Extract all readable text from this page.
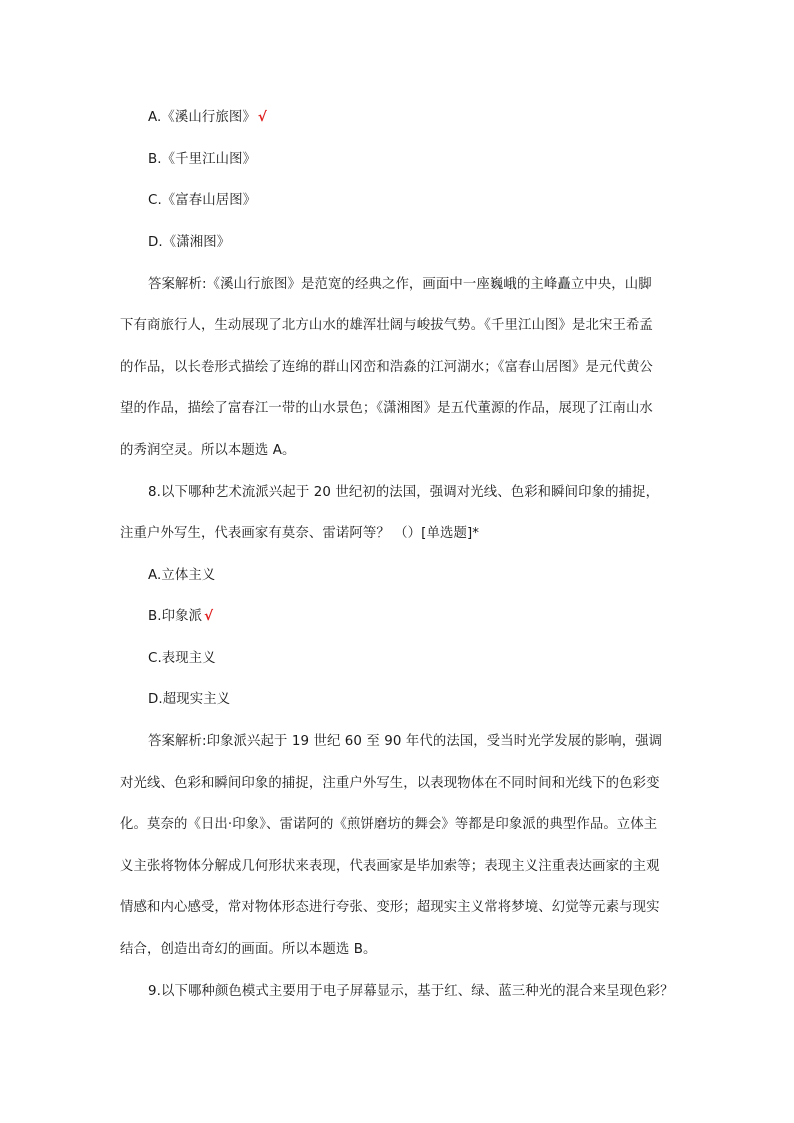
A.《溪山行旅图》 √
B.《千里江山图》
C.《富春山居图》
D.《潇湘图》
答案解析:《溪山行旅图》是范宽的经典之作，画面中一座巍峨的主峰矗立中央，山脚
下有商旅行人，生动展现了北方山水的雄浑壮阔与峻拔气势。《千里江山图》是北宋王希孟
的作品，以长卷形式描绘了连绵的群山冈峦和浩淼的江河湖水；《富春山居图》是元代黄公
望的作品，描绘了富春江一带的山水景色；《潇湘图》是五代董源的作品，展现了江南山水
的秀润空灵。所以本题选 A。
8.以下哪种艺术流派兴起于 20 世纪初的法国，强调对光线、色彩和瞬间印象的捕捉，
注重户外写生，代表画家有莫奈、雷诺阿等？ （）[单选题]*
A.立体主义
B.印象派 √
C.表现主义
D.超现实主义
答案解析:印象派兴起于 19 世纪 60 至 90 年代的法国，受当时光学发展的影响，强调
对光线、色彩和瞬间印象的捕捉，注重户外写生，以表现物体在不同时间和光线下的色彩变
化。莫奈的《日出·印象》、雷诺阿的《煎饼磨坊的舞会》等都是印象派的典型作品。立体主
义主张将物体分解成几何形状来表现，代表画家是毕加索等；表现主义注重表达画家的主观
情感和内心感受，常对物体形态进行夸张、变形；超现实主义常将梦境、幻觉等元素与现实
结合，创造出奇幻的画面。所以本题选 B。
9.以下哪种颜色模式主要用于电子屏幕显示，基于红、绿、蓝三种光的混合来呈现色彩？
